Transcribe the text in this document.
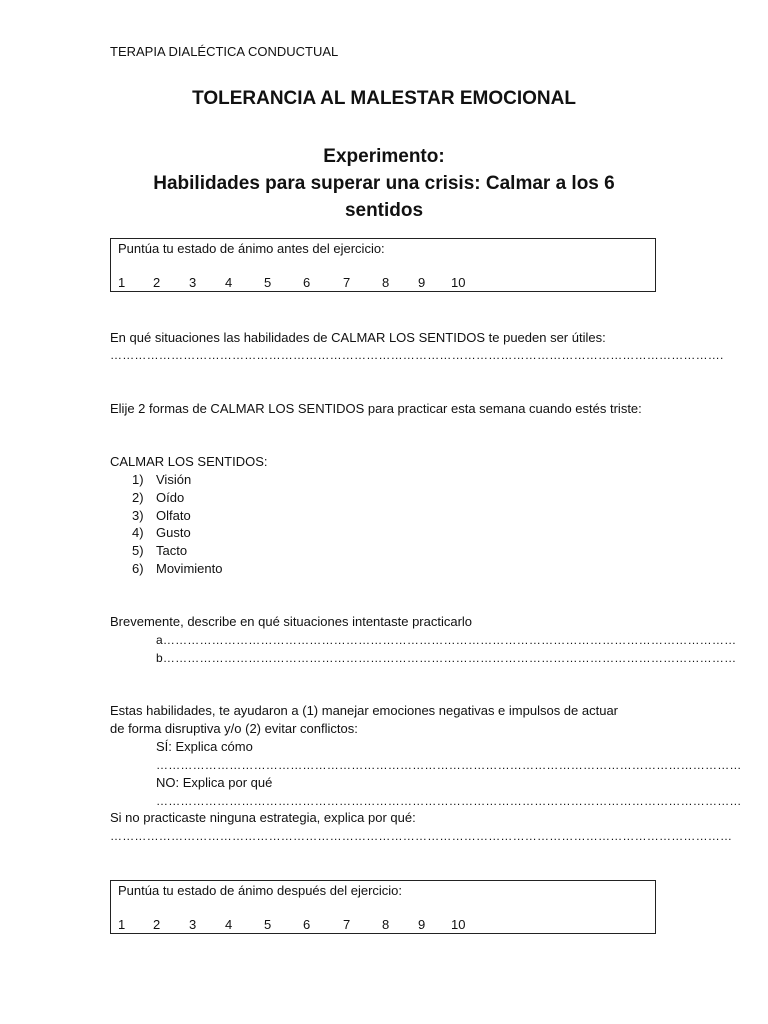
TERAPIA DIALÉCTICA CONDUCTUAL
TOLERANCIA AL MALESTAR EMOCIONAL
Experimento:
Habilidades para superar una crisis: Calmar a los 6
sentidos
Puntúa tu estado de ánimo antes del ejercicio:
1 2 3 4 5 6	7 8 9 10
En qué situaciones las habilidades de CALMAR LOS SENTIDOS te pueden ser útiles:
…………………………………………………………………………………………………………………………………….
Elije 2 formas de CALMAR LOS SENTIDOS para practicar esta semana cuando estés triste:
CALMAR LOS SENTIDOS:
1) Visión
2) Oído
3) Olfato
4) Gusto
5) Tacto
6) Movimiento
Brevemente, describe en qué situaciones intentaste practicarlo
a……………………………………………………………………………………………………………………………
b……………………………………………………………………………………………………………………………
Estas habilidades, te ayudaron a (1) manejar emociones negativas e impulsos de actuar
de forma disruptiva y/o (2) evitar conflictos:
SÍ: Explica cómo
………………………………………………………………………………………………………………………………
NO: Explica por qué
………………………………………………………………………………………………………………………………
Si no practicaste ninguna estrategia, explica por qué:
………………………………………………………………………………………………………………………………………
Puntúa tu estado de ánimo después del ejercicio:
1 2 3 4 5 6	7 8 9 10
